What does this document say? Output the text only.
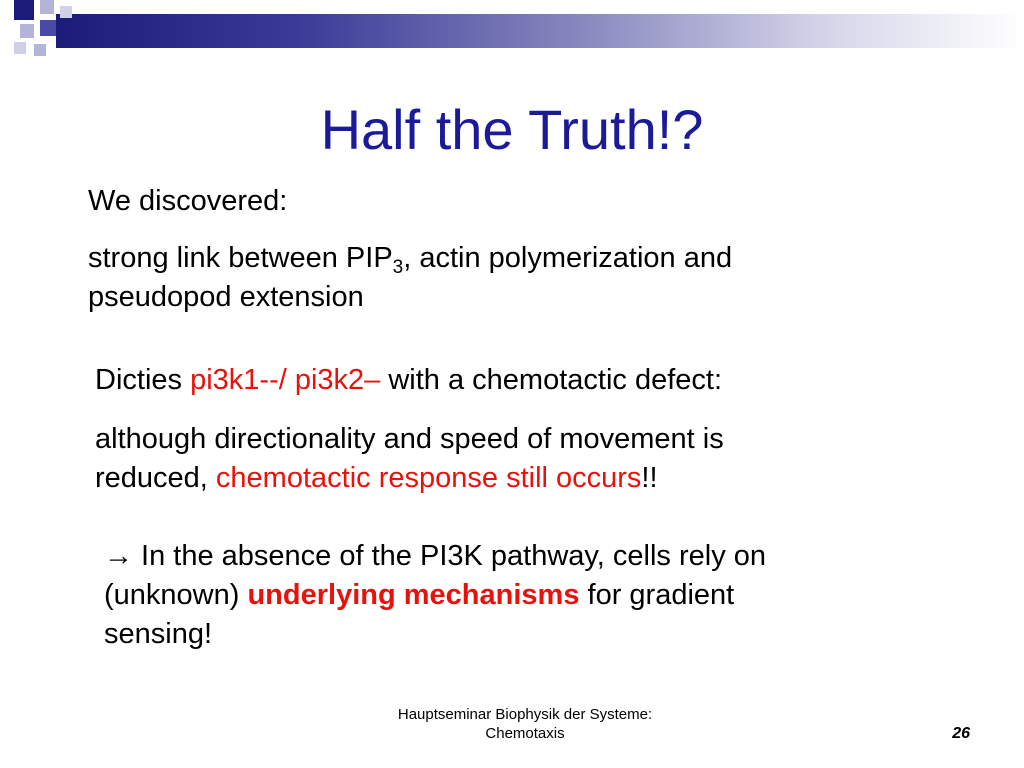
Half the Truth!?

We discovered:

strong link between $PIP_3$, actin polymerization and

pseudopod extension

Dicties pi3k1--/ pi3k2– with a chemotactic defect:

although directionality and speed of movement is

reduced, chemotactic response still occurs!!

→ In the absence of the PI3K pathway, cells rely on

(unknown) underlying mechanisms for gradient

sensing!

Hauptseminar Biophysik der Systeme:
Chemotaxis	26
